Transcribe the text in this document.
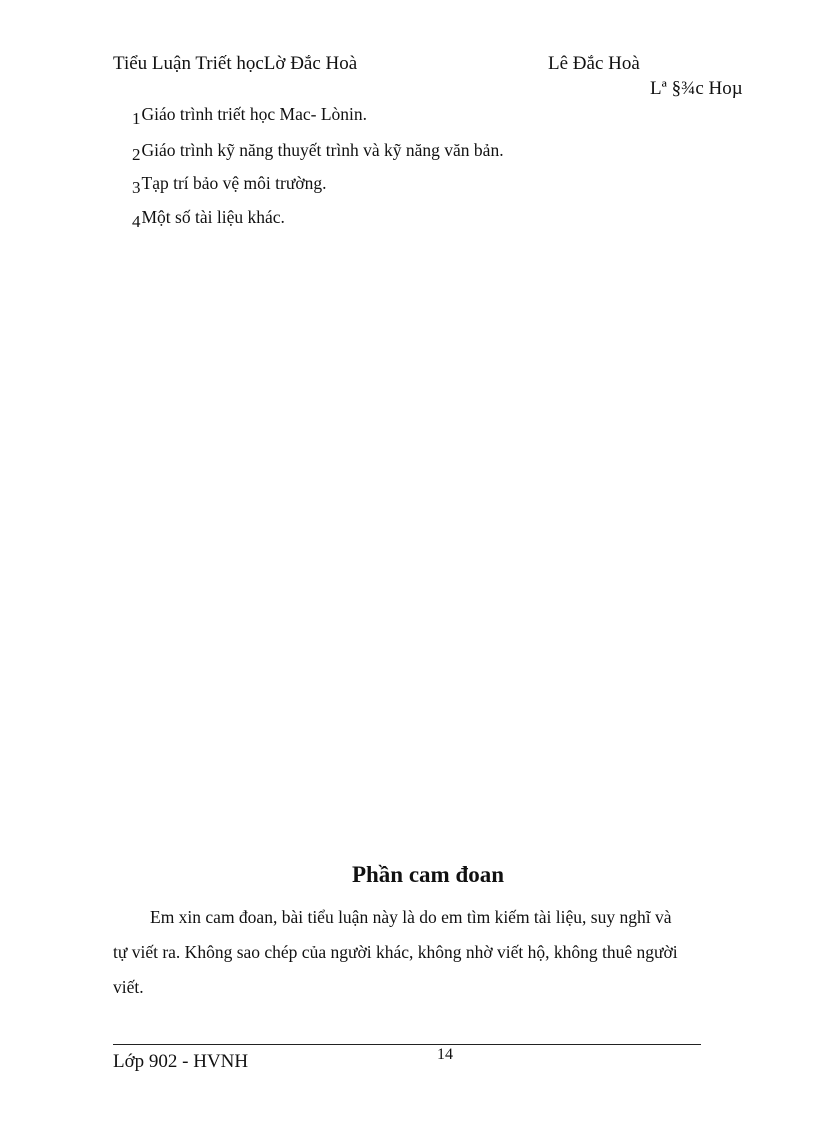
Tiểu Luận Triết họcLờ Đắc Hoà	Lê Đắc Hoà
Lª §¾c Hoµ
1Giáo trình triết học Mac- Lònin.
2Giáo trình kỹ năng thuyết trình và kỹ năng văn bản.
3Tạp trí bảo vệ môi trường.
4Một số tài liệu khác.
Phần cam đoan
Em xin cam đoan, bài tiểu luận này là do em tìm kiếm tài liệu, suy nghĩ và
tự viết ra. Không sao chép của người khác, không nhờ viết hộ, không thuê người
viết.
14
Lớp 902 - HVNH
